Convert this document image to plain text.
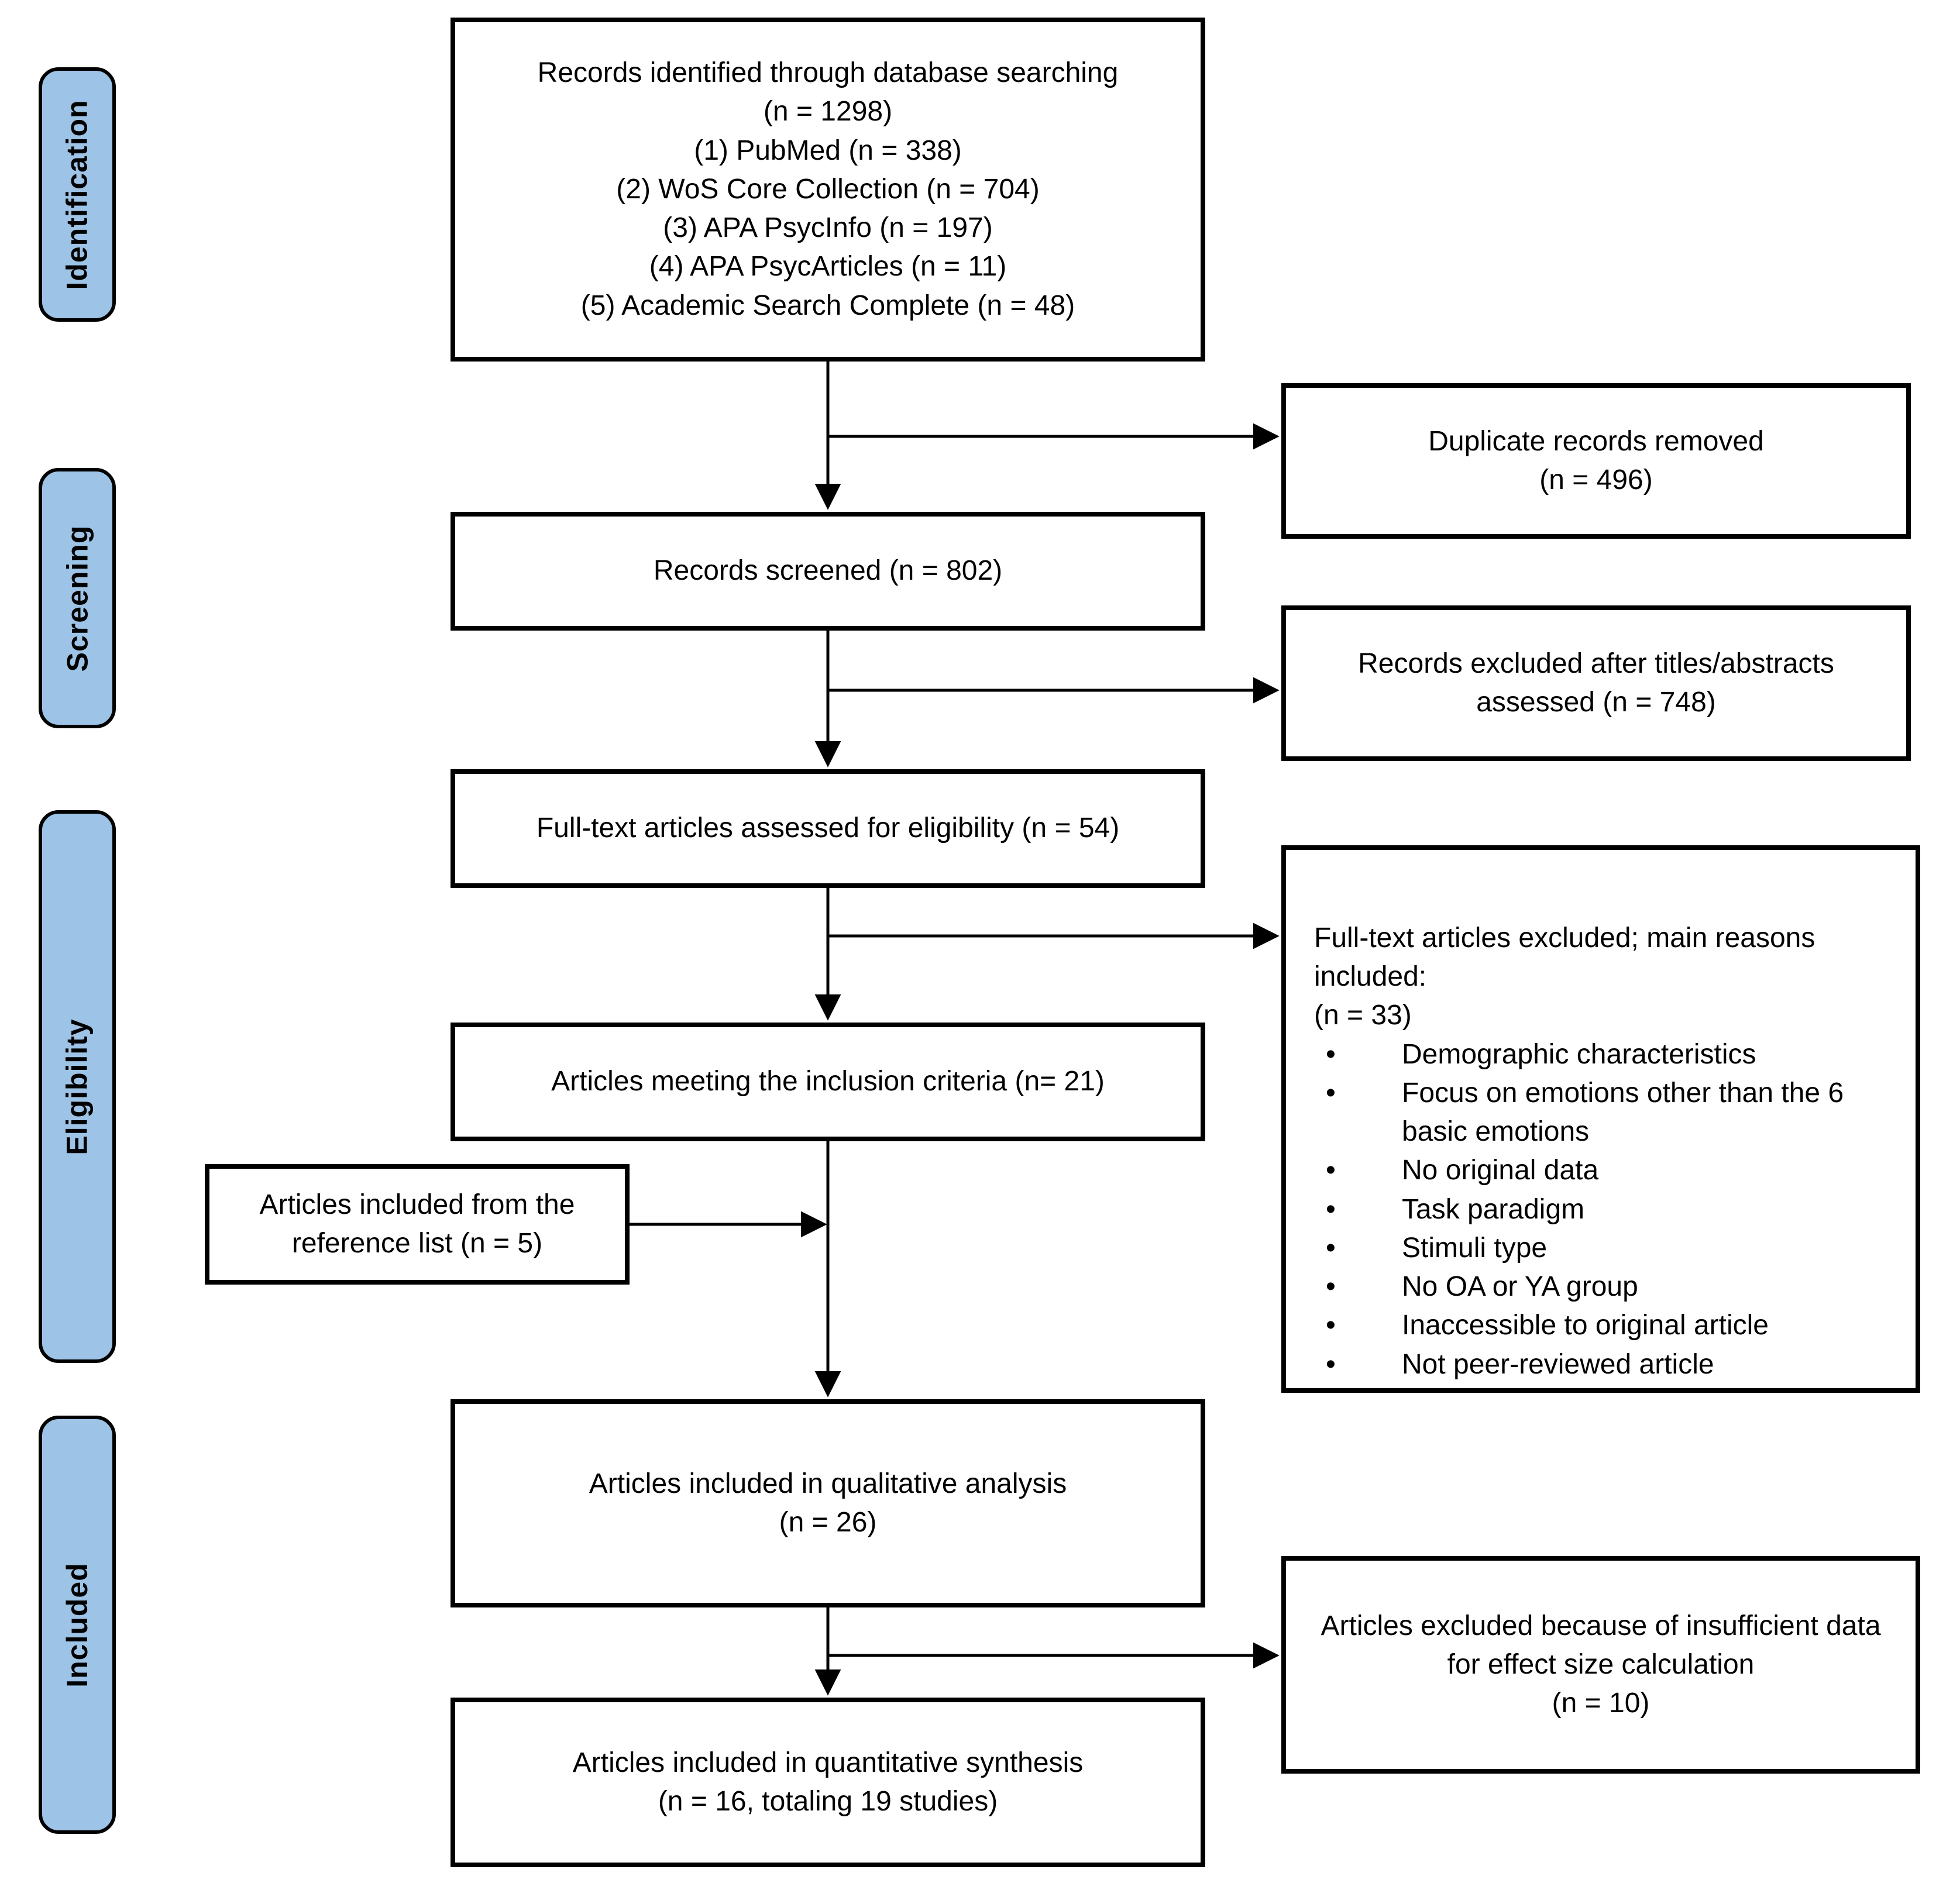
Identification
Screening
Eligibility
Included
Records identified through database searching
(n = 1298)
(1) PubMed (n = 338)
(2) WoS Core Collection (n = 704)
(3) APA PsycInfo (n = 197)
(4) APA PsycArticles (n = 11)
(5) Academic Search Complete (n = 48)
Records screened (n = 802)
Full-text articles assessed for eligibility (n = 54)
Articles meeting the inclusion criteria (n= 21)
Articles included from the reference list (n = 5)
Articles included in qualitative analysis
(n = 26)
Articles included in quantitative synthesis
(n = 16, totaling 19 studies)
Duplicate records removed
(n = 496)
Records excluded after titles/abstracts assessed (n = 748)
Full-text articles excluded; main reasons included:
(n = 33)
•	Demographic characteristics
•	Focus on emotions other than the 6 basic emotions
•	No original data
•	Task paradigm
•	Stimuli type
•	No OA or YA group
•	Inaccessible to original article
•	Not peer-reviewed article
Articles excluded because of insufficient data for effect size calculation
(n = 10)
